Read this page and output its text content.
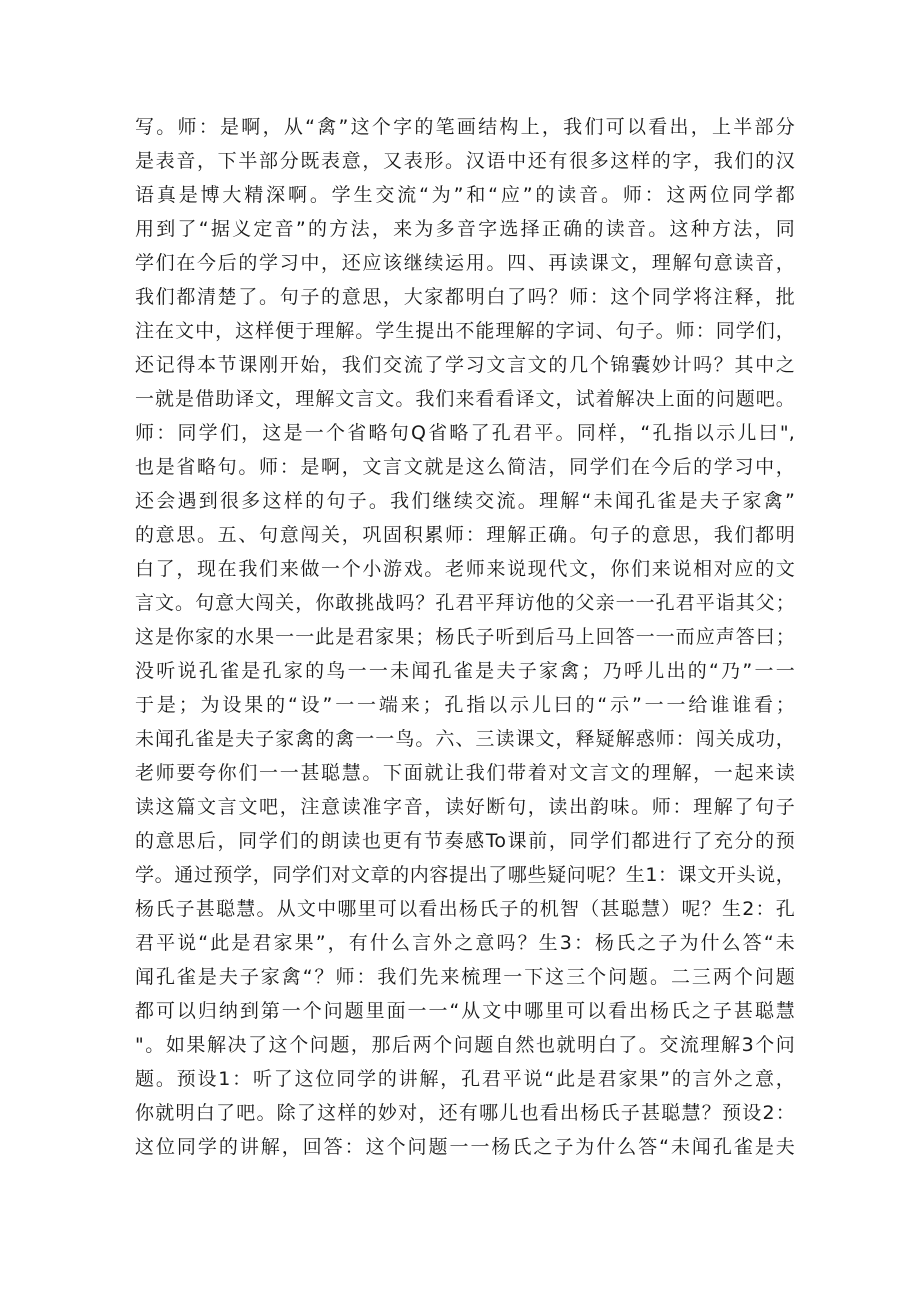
写。师：是啊，从“禽”这个字的笔画结构上，我们可以看出，上半部分
是表音，下半部分既表意，又表形。汉语中还有很多这样的字，我们的汉
语真是博大精深啊。学生交流“为”和“应”的读音。师：这两位同学都
用到了“据义定音”的方法，来为多音字选择正确的读音。这种方法，同
学们在今后的学习中，还应该继续运用。四、再读课文，理解句意读音，
我们都清楚了。句子的意思，大家都明白了吗？师：这个同学将注释，批
注在文中，这样便于理解。学生提出不能理解的字词、句子。师：同学们，
还记得本节课刚开始，我们交流了学习文言文的几个锦囊妙计吗？其中之
一就是借助译文，理解文言文。我们来看看译文，试着解决上面的问题吧。
师：同学们，这是一个省略句Q省略了孔君平。同样，“孔指以示儿曰",
也是省略句。师：是啊，文言文就是这么简洁，同学们在今后的学习中，
还会遇到很多这样的句子。我们继续交流。理解“未闻孔雀是夫子家禽”
的意思。五、句意闯关，巩固积累师：理解正确。句子的意思，我们都明
白了，现在我们来做一个小游戏。老师来说现代文，你们来说相对应的文
言文。句意大闯关，你敢挑战吗？孔君平拜访他的父亲一一孔君平诣其父；
这是你家的水果一一此是君家果；杨氏子听到后马上回答一一而应声答曰；
没听说孔雀是孔家的鸟一一未闻孔雀是夫子家禽；乃呼儿出的“乃”一一
于是；为设果的“设”一一端来；孔指以示儿曰的“示”一一给谁谁看；
未闻孔雀是夫子家禽的禽一一鸟。六、三读课文，释疑解惑师：闯关成功，
老师要夸你们一一甚聪慧。下面就让我们带着对文言文的理解，一起来读
读这篇文言文吧，注意读准字音，读好断句，读出韵味。师：理解了句子
的意思后，同学们的朗读也更有节奏感To课前，同学们都进行了充分的预
学。通过预学，同学们对文章的内容提出了哪些疑问呢？生1：课文开头说，
杨氏子甚聪慧。从文中哪里可以看出杨氏子的机智（甚聪慧）呢？生2：孔
君平说“此是君家果”，有什么言外之意吗？生3：杨氏之子为什么答“未
闻孔雀是夫子家禽“？师：我们先来梳理一下这三个问题。二三两个问题
都可以归纳到第一个问题里面一一“从文中哪里可以看出杨氏之子甚聪慧
"。如果解决了这个问题，那后两个问题自然也就明白了。交流理解3个问
题。预设1：听了这位同学的讲解，孔君平说“此是君家果”的言外之意，
你就明白了吧。除了这样的妙对，还有哪儿也看出杨氏子甚聪慧？预设2：
这位同学的讲解，回答：这个问题一一杨氏之子为什么答“未闻孔雀是夫
